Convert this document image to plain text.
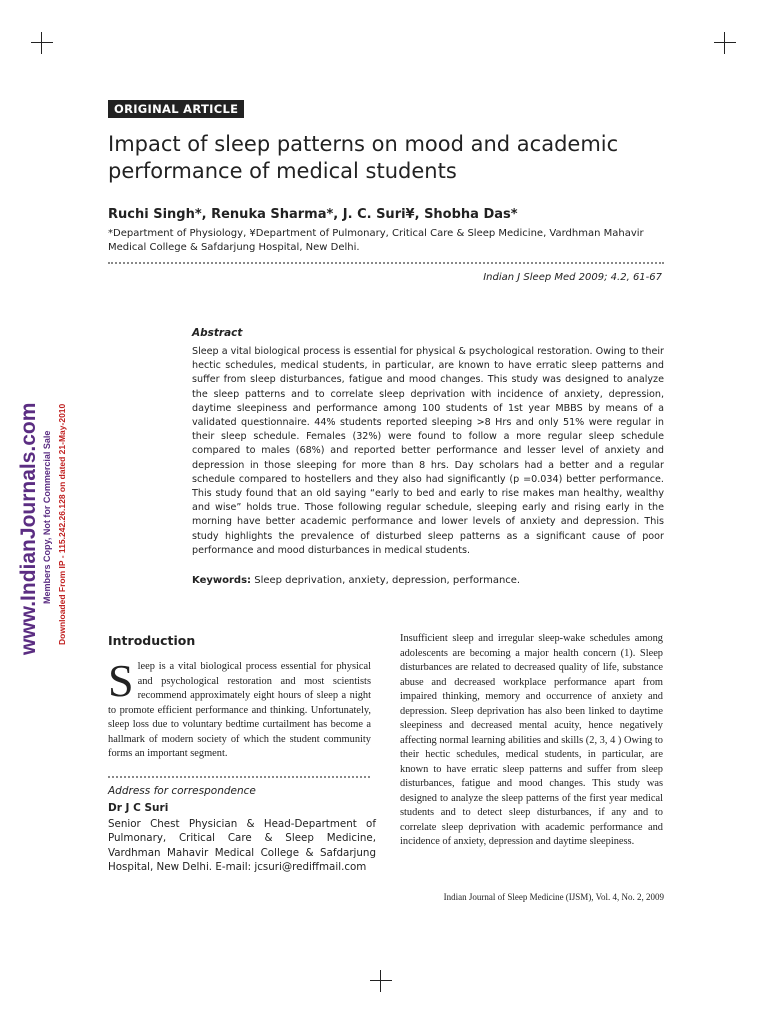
www.IndianJournals.com Members Copy, Not for Commercial Sale Downloaded From IP - 115.242.26.128 on dated 21-May-2010
ORIGINAL ARTICLE
Impact of sleep patterns on mood and academic performance of medical students
Ruchi Singh*, Renuka Sharma*, J. C. Suri¥, Shobha Das*
*Department of Physiology, ¥Department of Pulmonary, Critical Care & Sleep Medicine, Vardhman Mahavir Medical College & Safdarjung Hospital, New Delhi.
Indian J Sleep Med 2009; 4.2, 61-67
Abstract

Sleep a vital biological process is essential for physical & psychological restoration. Owing to their hectic schedules, medical students, in particular, are known to have erratic sleep patterns and suffer from sleep disturbances, fatigue and mood changes. This study was designed to analyze the sleep patterns and to correlate sleep deprivation with incidence of anxiety, depression, daytime sleepiness and performance among 100 students of 1st year MBBS by means of a validated questionnaire. 44% students reported sleeping >8 Hrs and only 51% were regular in their sleep schedule. Females (32%) were found to follow a more regular sleep schedule compared to males (68%) and reported better performance and lesser level of anxiety and depression in those sleeping for more than 8 hrs. Day scholars had a better and a regular schedule compared to hostellers and they also had significantly (p =0.034) better performance. This study found that an old saying “early to bed and early to rise makes man healthy, wealthy and wise” holds true. Those following regular schedule, sleeping early and rising early in the morning have better academic performance and lower levels of anxiety and depression. This study highlights the prevalence of disturbed sleep patterns as a significant cause of poor performance and mood disturbances in medical students.

Keywords: Sleep deprivation, anxiety, depression, performance.
Introduction

S leep is a vital biological process essential for physical and psychological restoration and most scientists recommend approximately eight hours of sleep a night to promote efficient performance and thinking. Unfortunately, sleep loss due to voluntary bedtime curtailment has become a hallmark of modern society of which the student community forms an important segment.

Address for correspondence
Dr J C Suri

Senior Chest Physician & Head-Department of Pulmonary, Critical Care & Sleep Medicine, Vardhman Mahavir Medical College & Safdarjung Hospital, New Delhi. E-mail: jcsuri@rediffmail.com

Insufficient sleep and irregular sleep-wake schedules among adolescents are becoming a major health concern (1). Sleep disturbances are related to decreased quality of life, substance abuse and decreased workplace performance apart from impaired thinking, memory and occurrence of anxiety and depression. Sleep deprivation has also been linked to daytime sleepiness and decreased mental acuity, hence negatively affecting normal learning abilities and skills (2, 3, 4 ) Owing to their hectic schedules, medical students, in particular, are known to have erratic sleep patterns and suffer from sleep disturbances, fatigue and mood changes. This study was designed to analyze the sleep patterns of the first year medical students and to detect sleep disturbances, if any and to correlate sleep deprivation with academic performance and incidence of anxiety, depression and daytime sleepiness.

Indian Journal of Sleep Medicine (IJSM), Vol. 4, No. 2, 2009
